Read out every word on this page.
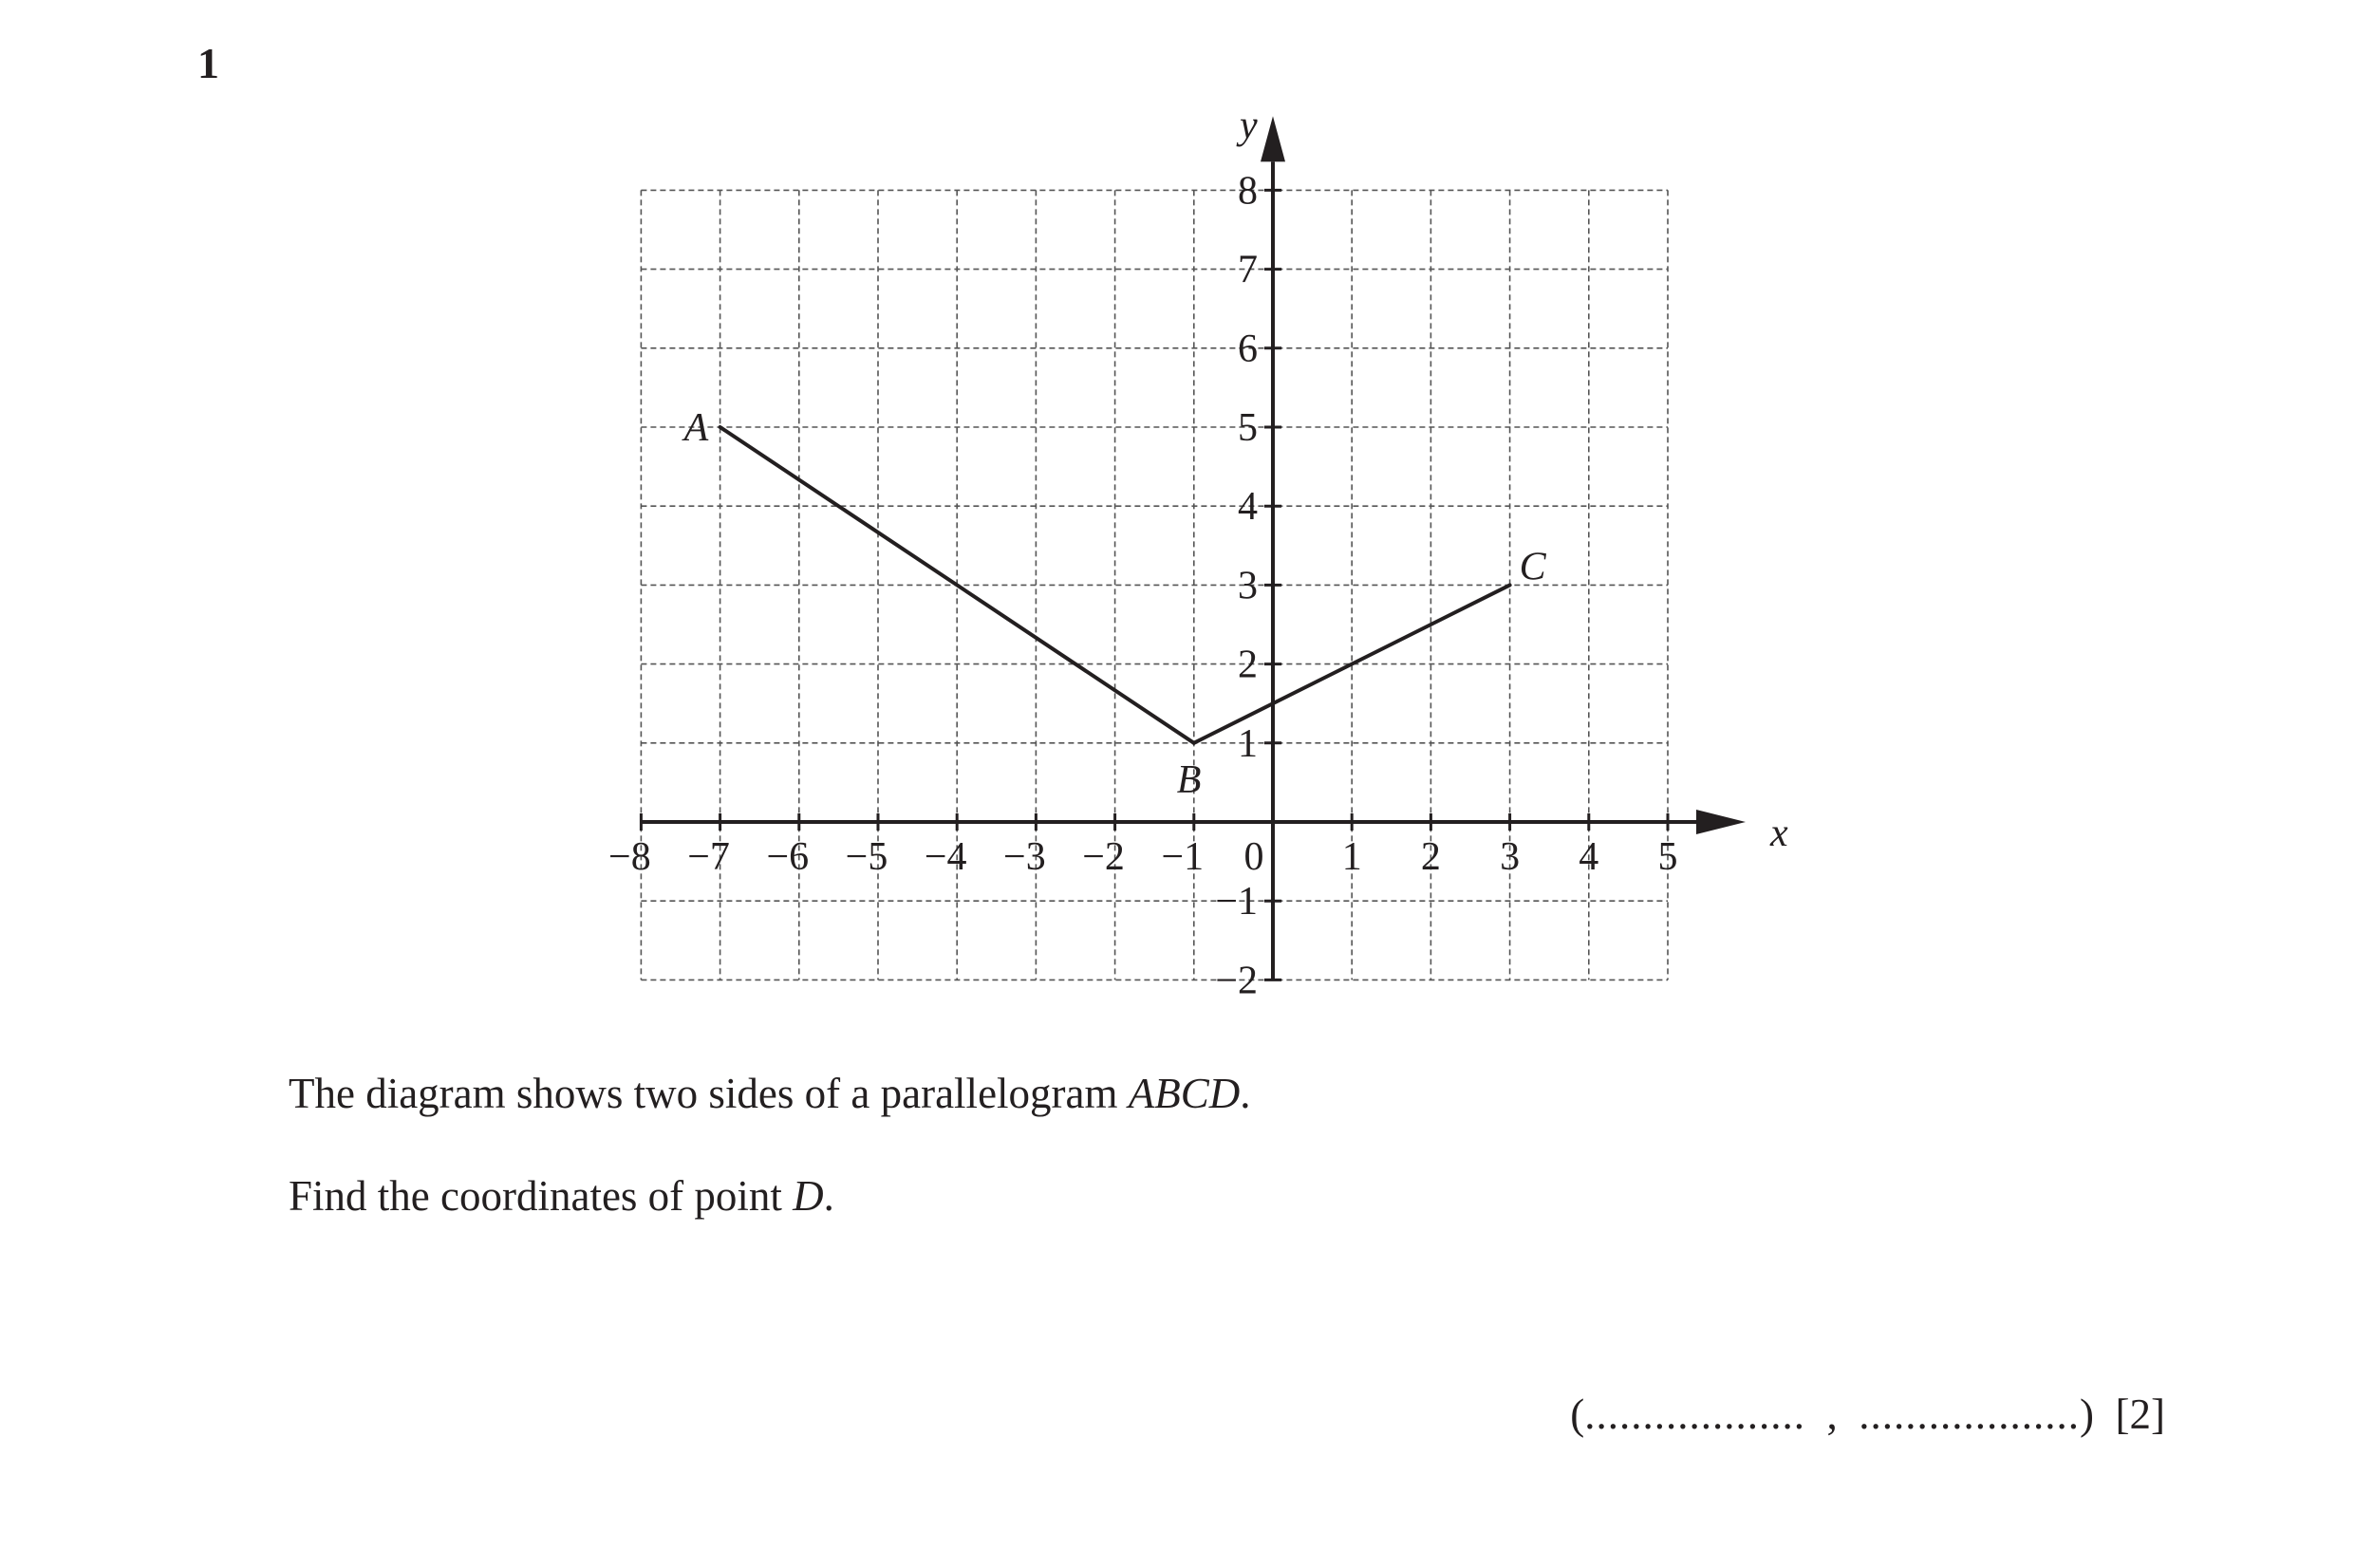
1
x
y
−8 −7 −6 −5 −4 −3 −2 −1	1 2 3 4 5
0
−2
−1
1
2
3
4
5
6
7
8
A
B
C
The diagram shows two sides of a parallelogram ABCD.
Find the coordinates of point D.
(................... , ...................) [2]
